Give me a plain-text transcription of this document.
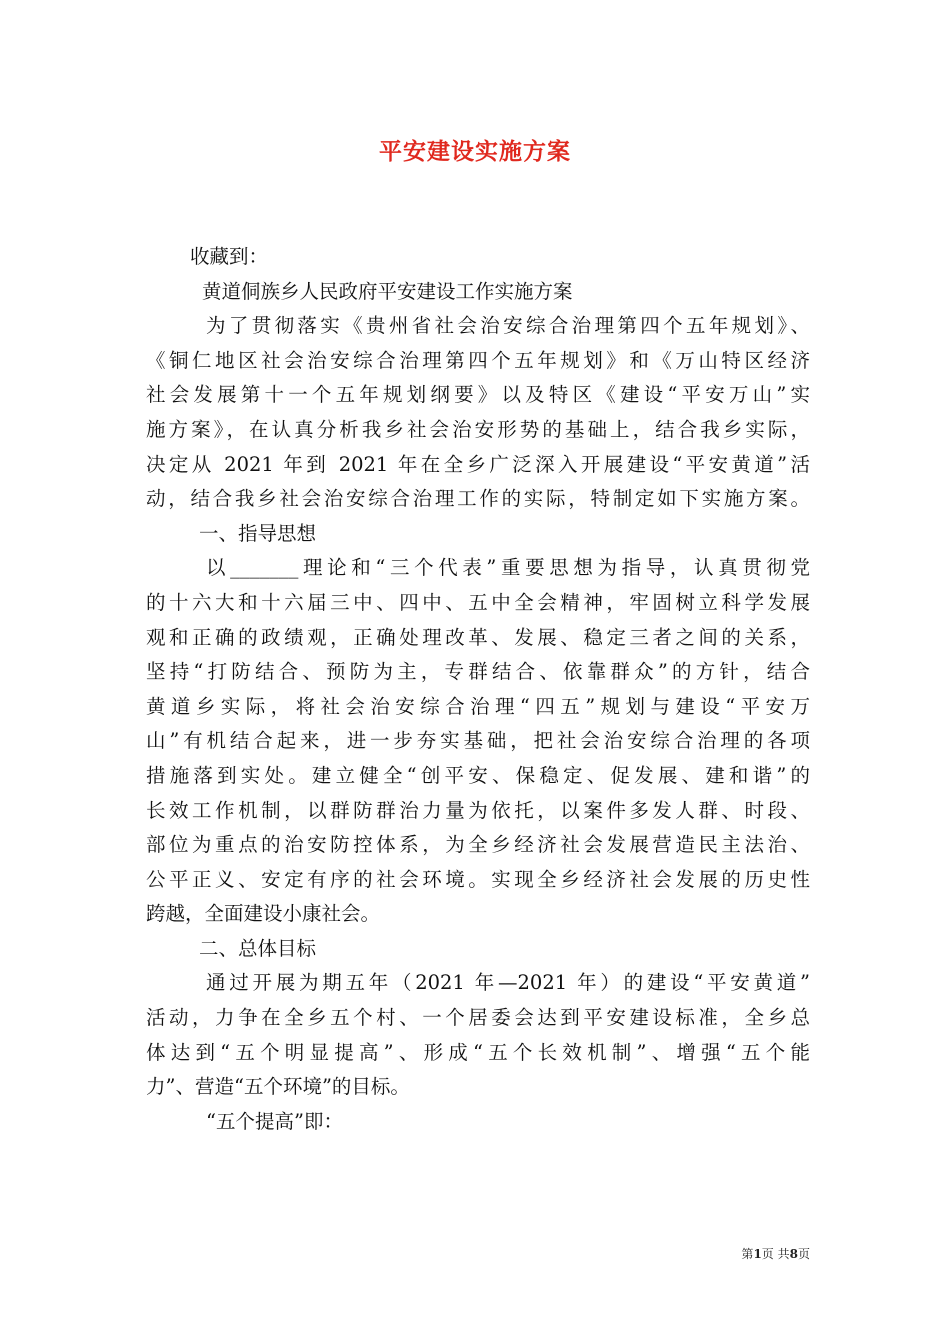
平安建设实施方案
收藏到：
黄道侗族乡人民政府平安建设工作实施方案
为了贯彻落实《贵州省社会治安综合治理第四个五年规划》、
《铜仁地区社会治安综合治理第四个五年规划》和《万山特区经济
社会发展第十一个五年规划纲要》以及特区《建设“平安万山”实
施方案》，在认真分析我乡社会治安形势的基础上，结合我乡实际，
决定从 2021 年到 2021 年在全乡广泛深入开展建设“平安黄道”活
动，结合我乡社会治安综合治理工作的实际，特制定如下实施方案。
一、指导思想
以_______理论和“三个代表”重要思想为指导，认真贯彻党
的十六大和十六届三中、四中、五中全会精神，牢固树立科学发展
观和正确的政绩观，正确处理改革、发展、稳定三者之间的关系，
坚持“打防结合、预防为主，专群结合、依靠群众”的方针，结合
黄道乡实际，将社会治安综合治理“四五”规划与建设“平安万
山”有机结合起来，进一步夯实基础，把社会治安综合治理的各项
措施落到实处。建立健全“创平安、保稳定、促发展、建和谐”的
长效工作机制，以群防群治力量为依托，以案件多发人群、时段、
部位为重点的治安防控体系，为全乡经济社会发展营造民主法治、
公平正义、安定有序的社会环境。实现全乡经济社会发展的历史性
跨越，全面建设小康社会。
二、总体目标
通过开展为期五年（2021 年—2021 年）的建设“平安黄道”
活动，力争在全乡五个村、一个居委会达到平安建设标准，全乡总
体达到“五个明显提高”、形成“五个长效机制”、增强“五个能
力”、营造“五个环境”的目标。
“五个提高”即：
第1页 共8页
